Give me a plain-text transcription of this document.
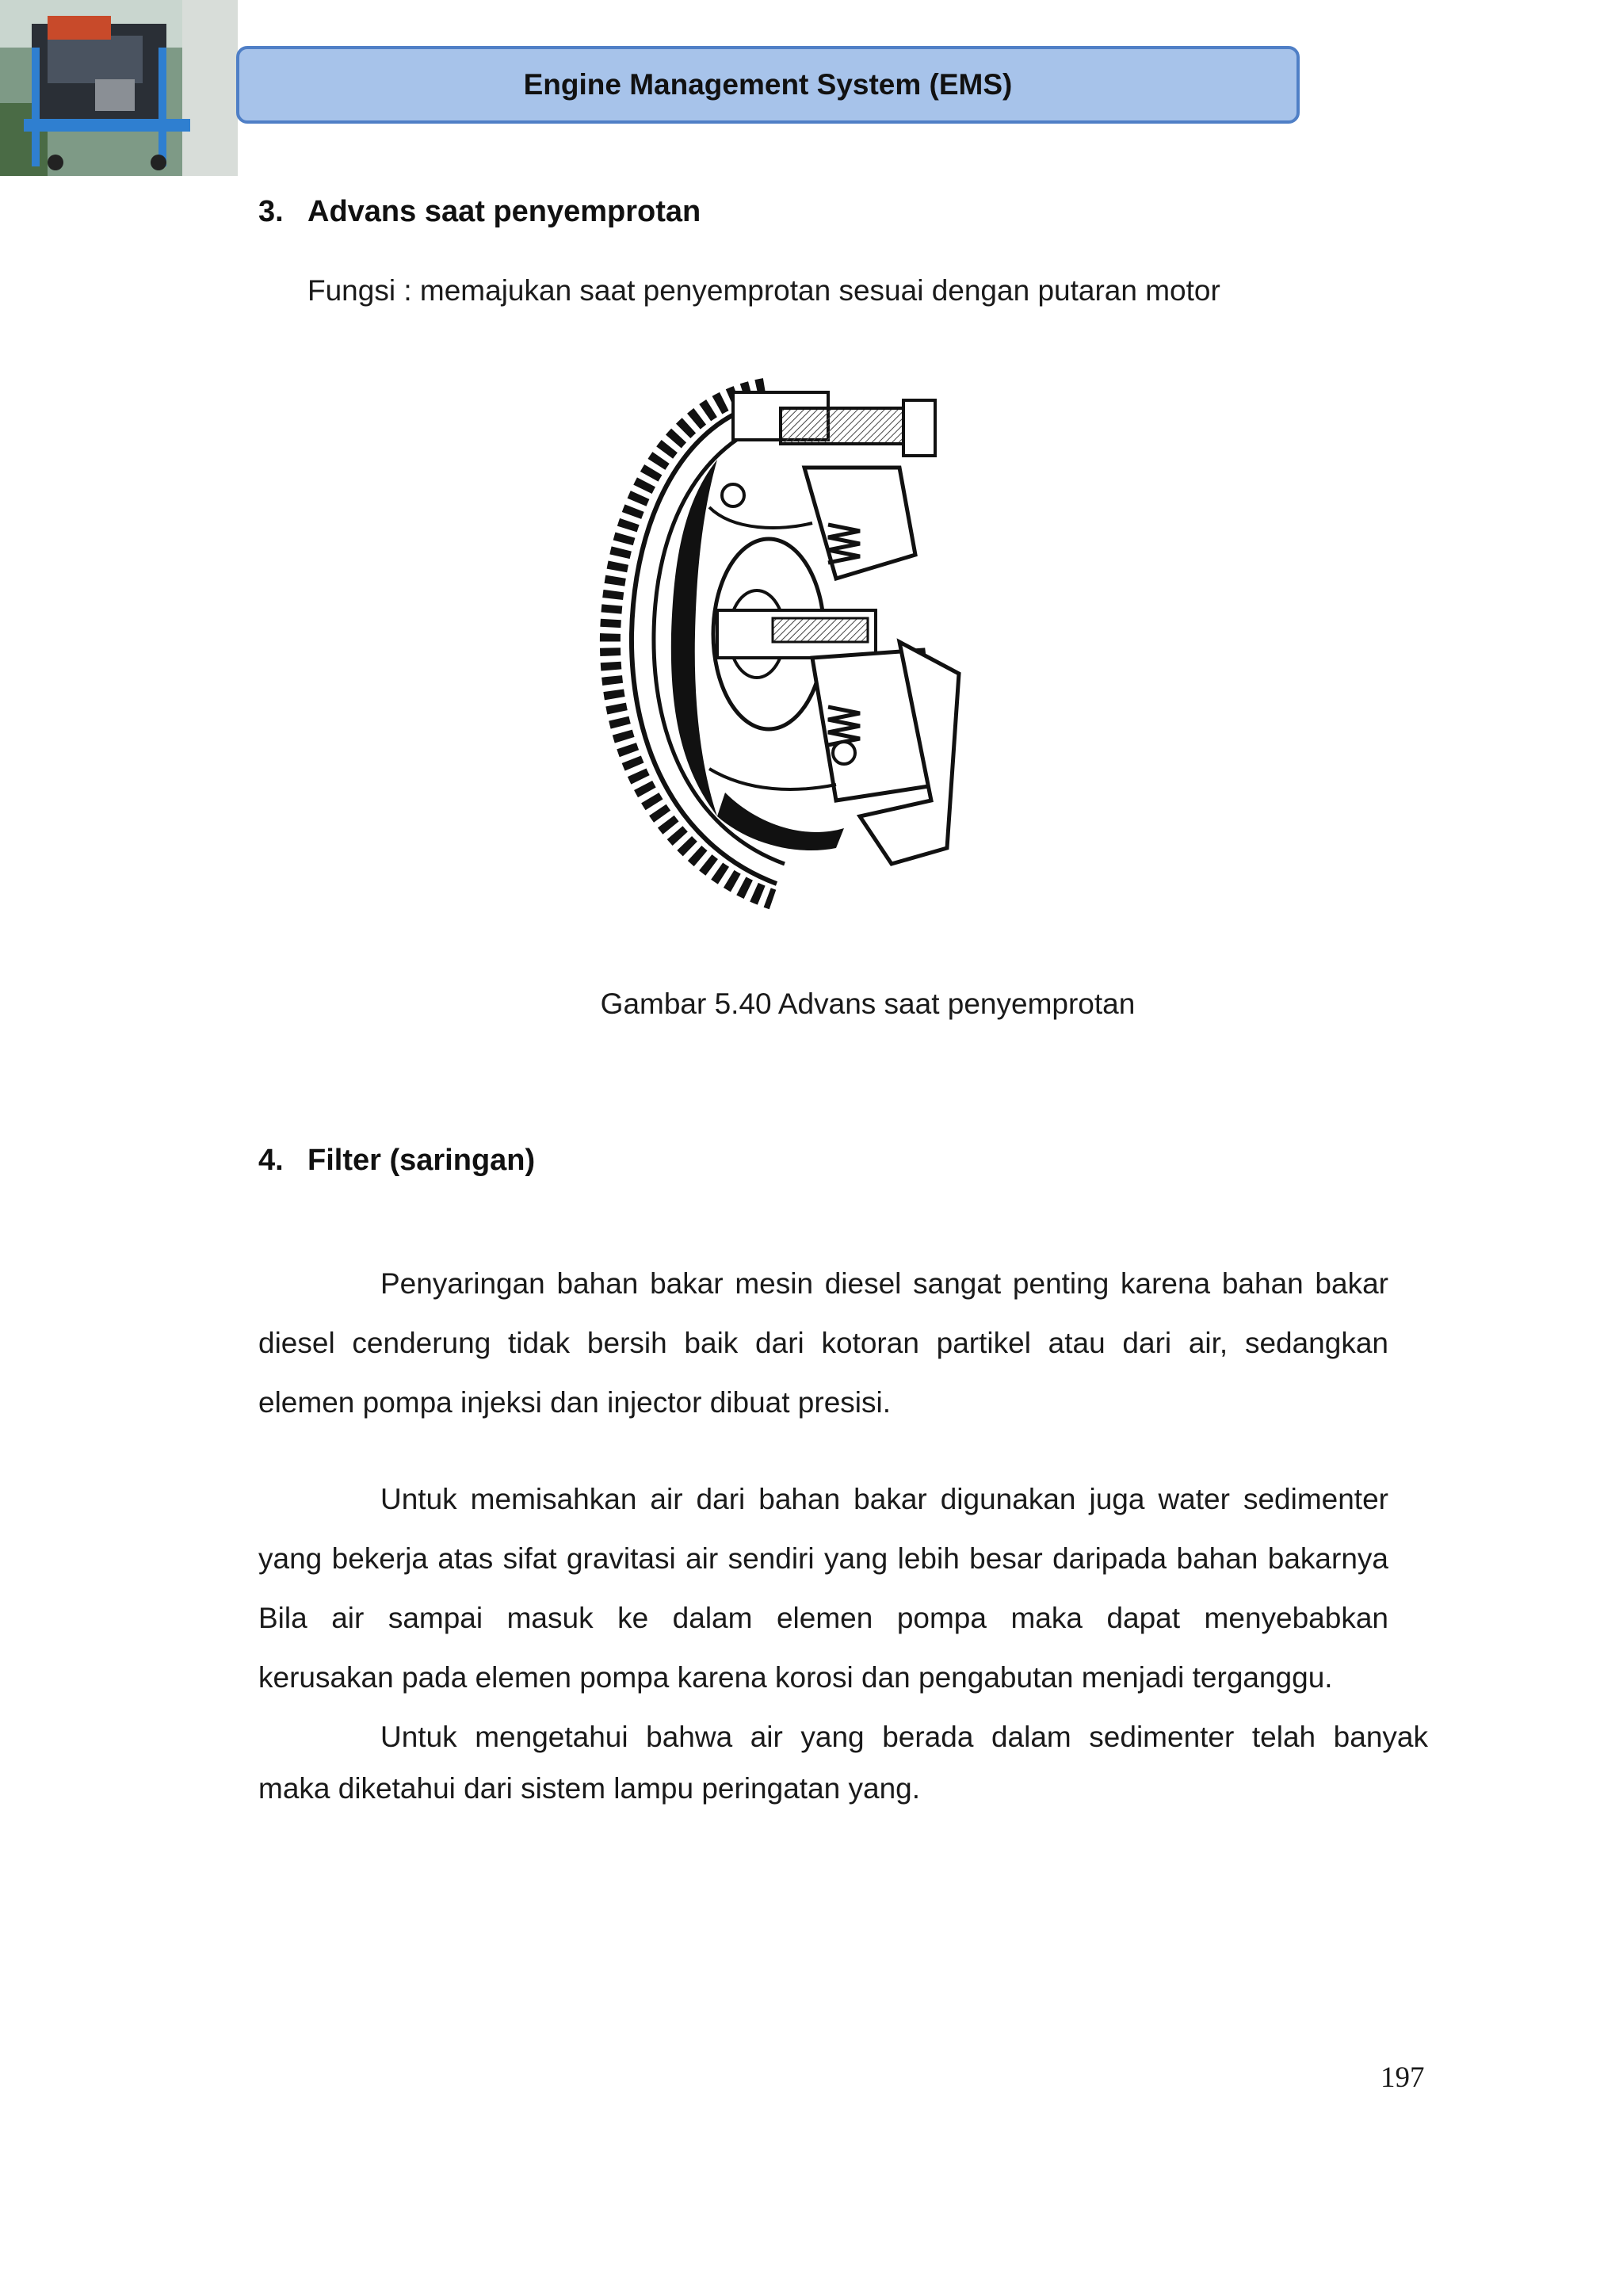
Engine Management System (EMS)
3. Advans saat penyemprotan
Fungsi : memajukan saat penyemprotan sesuai dengan putaran motor
Gambar 5.40 Advans saat penyemprotan
4. Filter (saringan)
Penyaringan bahan bakar mesin diesel sangat penting karena bahan bakar
diesel cenderung tidak bersih baik dari kotoran partikel atau dari air, sedangkan
elemen pompa injeksi dan injector dibuat presisi.
Untuk memisahkan air dari bahan bakar digunakan juga water sedimenter
yang bekerja atas sifat gravitasi air sendiri yang lebih besar daripada bahan bakarnya
Bila air sampai masuk ke dalam elemen pompa maka dapat menyebabkan
kerusakan pada elemen pompa karena korosi dan pengabutan menjadi terganggu.
Untuk mengetahui bahwa air yang berada dalam sedimenter telah banyak
maka diketahui dari sistem lampu peringatan yang.
197
